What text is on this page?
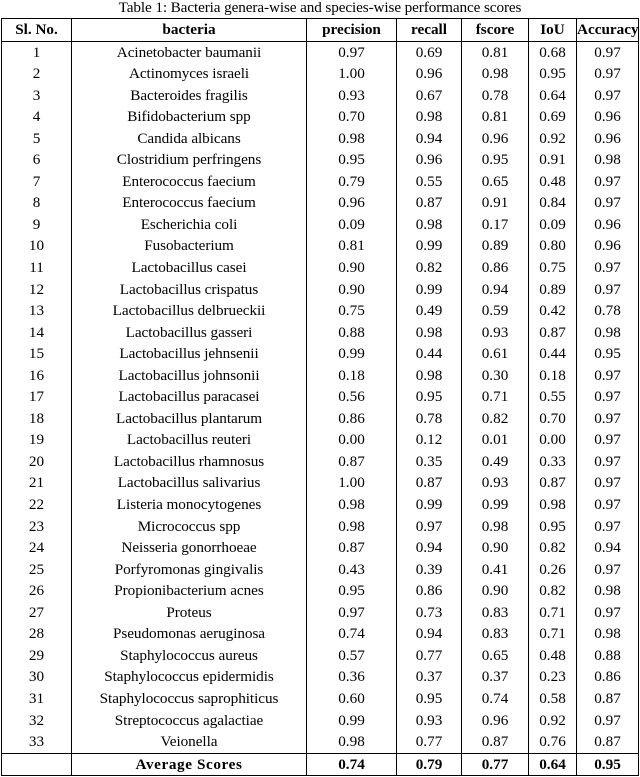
Table 1: Bacteria genera-wise and species-wise performance scores
Sl. No.	bacteria	precision	recall	fscore	IoU	Accuracy
1	Acinetobacter baumanii	0.97	0.69	0.81	0.68	0.97
2	Actinomyces israeli	1.00	0.96	0.98	0.95	0.97
3	Bacteroides fragilis	0.93	0.67	0.78	0.64	0.97
4	Bifidobacterium spp	0.70	0.98	0.81	0.69	0.96
5	Candida albicans	0.98	0.94	0.96	0.92	0.96
6	Clostridium perfringens	0.95	0.96	0.95	0.91	0.98
7	Enterococcus faecium	0.79	0.55	0.65	0.48	0.97
8	Enterococcus faecium	0.96	0.87	0.91	0.84	0.97
9	Escherichia coli	0.09	0.98	0.17	0.09	0.96
10	Fusobacterium	0.81	0.99	0.89	0.80	0.96
11	Lactobacillus casei	0.90	0.82	0.86	0.75	0.97
12	Lactobacillus crispatus	0.90	0.99	0.94	0.89	0.97
13	Lactobacillus delbrueckii	0.75	0.49	0.59	0.42	0.78
14	Lactobacillus gasseri	0.88	0.98	0.93	0.87	0.98
15	Lactobacillus jehnsenii	0.99	0.44	0.61	0.44	0.95
16	Lactobacillus johnsonii	0.18	0.98	0.30	0.18	0.97
17	Lactobacillus paracasei	0.56	0.95	0.71	0.55	0.97
18	Lactobacillus plantarum	0.86	0.78	0.82	0.70	0.97
19	Lactobacillus reuteri	0.00	0.12	0.01	0.00	0.97
20	Lactobacillus rhamnosus	0.87	0.35	0.49	0.33	0.97
21	Lactobacillus salivarius	1.00	0.87	0.93	0.87	0.97
22	Listeria monocytogenes	0.98	0.99	0.99	0.98	0.97
23	Micrococcus spp	0.98	0.97	0.98	0.95	0.97
24	Neisseria gonorrhoeae	0.87	0.94	0.90	0.82	0.94
25	Porfyromonas gingivalis	0.43	0.39	0.41	0.26	0.97
26	Propionibacterium acnes	0.95	0.86	0.90	0.82	0.98
27	Proteus	0.97	0.73	0.83	0.71	0.97
28	Pseudomonas aeruginosa	0.74	0.94	0.83	0.71	0.98
29	Staphylococcus aureus	0.57	0.77	0.65	0.48	0.88
30	Staphylococcus epidermidis	0.36	0.37	0.37	0.23	0.86
31	Staphylococcus saprophiticus	0.60	0.95	0.74	0.58	0.87
32	Streptococcus agalactiae	0.99	0.93	0.96	0.92	0.97
33	Veionella	0.98	0.77	0.87	0.76	0.87
	Average Scores	0.74	0.79	0.77	0.64	0.95
